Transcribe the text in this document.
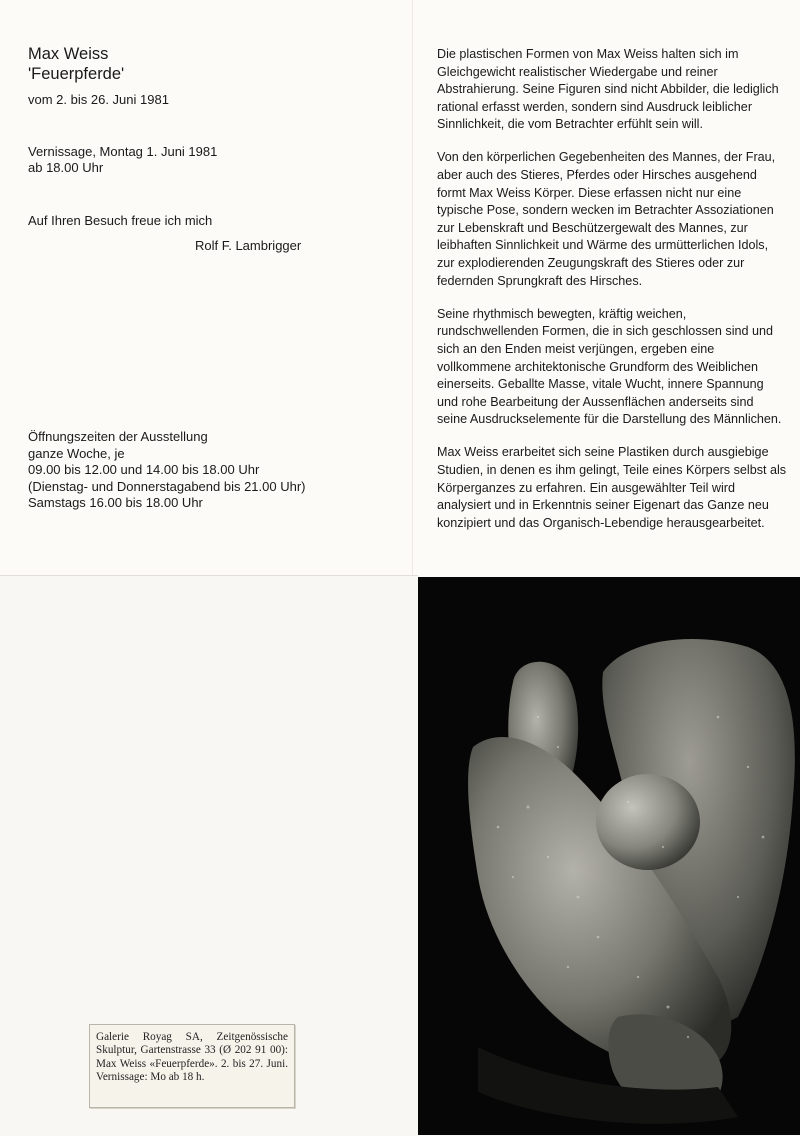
Max Weiss
'Feuerpferde'
vom 2. bis 26. Juni 1981
Vernissage, Montag 1. Juni 1981
ab 18.00 Uhr
Auf Ihren Besuch freue ich mich
Rolf F. Lambrigger
Öffnungszeiten der Ausstellung
ganze Woche, je
09.00 bis 12.00 und 14.00 bis 18.00 Uhr
(Dienstag- und Donnerstagabend bis 21.00 Uhr)
Samstags 16.00 bis 18.00 Uhr

Die plastischen Formen von Max Weiss halten sich im Gleichgewicht realistischer Wiedergabe und reiner Abstrahierung. Seine Figuren sind nicht Abbilder, die lediglich rational erfasst werden, sondern sind Ausdruck leiblicher Sinnlichkeit, die vom Betrachter erfühlt sein will.

Von den körperlichen Gegebenheiten des Mannes, der Frau, aber auch des Stieres, Pferdes oder Hirsches ausgehend formt Max Weiss Körper. Diese erfassen nicht nur eine typische Pose, sondern wecken im Betrachter Assoziationen zur Lebenskraft und Beschützergewalt des Mannes, zur leibhaften Sinnlichkeit und Wärme des urmütterlichen Idols, zur explodierenden Zeugungskraft des Stieres oder zur federnden Sprungkraft des Hirsches.

Seine rhythmisch bewegten, kräftig weichen, rundschwellenden Formen, die in sich geschlossen sind und sich an den Enden meist verjüngen, ergeben eine vollkommene architektonische Grundform des Weiblichen einerseits. Geballte Masse, vitale Wucht, innere Spannung und rohe Bearbeitung der Aussenflächen anderseits sind seine Ausdruckselemente für die Darstellung des Männlichen.

Max Weiss erarbeitet sich seine Plastiken durch ausgiebige Studien, in denen es ihm gelingt, Teile eines Körpers selbst als Körperganzes zu erfahren. Ein ausgewählter Teil wird analysiert und in Erkenntnis seiner Eigenart das Ganze neu konzipiert und das Organisch-Lebendige herausgearbeitet.

Galerie Royag SA, Zeitgenössische Skulptur, Gartenstrasse 33 (Ø 202 91 00): Max Weiss «Feuerpferde». 2. bis 27. Juni. Vernissage: Mo ab 18 h.
